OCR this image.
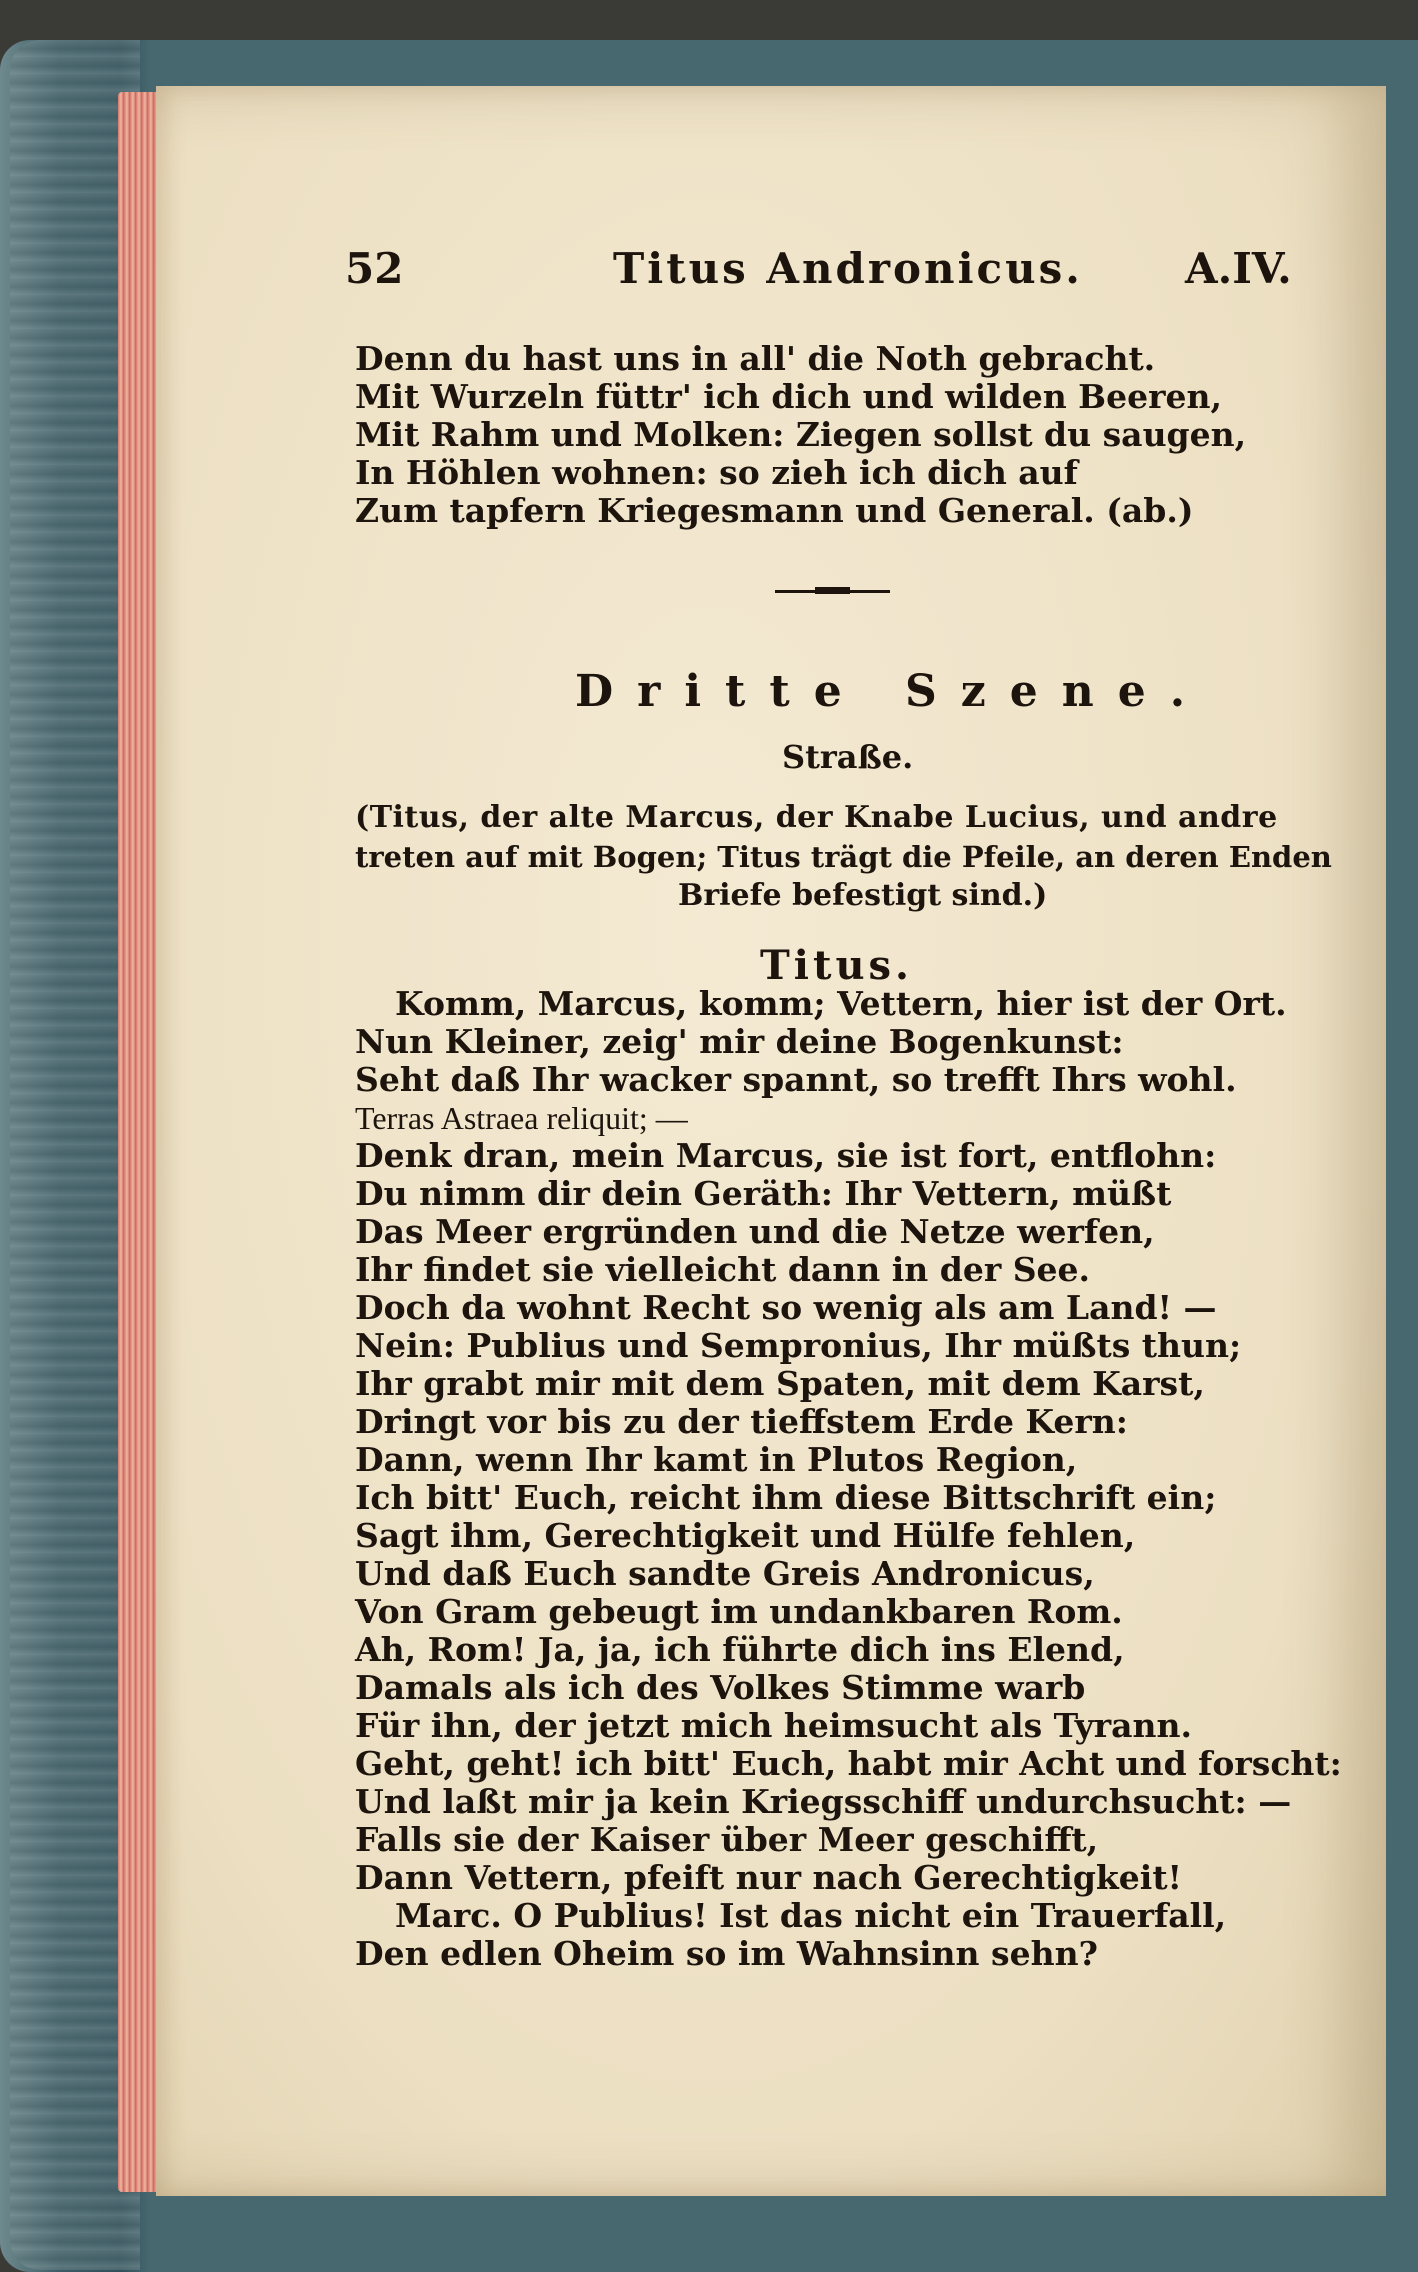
52	Titus Andronicus. A.IV.
Denn du hast uns in all' die Noth gebracht.
Mit Wurzeln füttr' ich dich und wilden Beeren,
Mit Rahm und Molken: Ziegen sollst du saugen,
In Höhlen wohnen: so zieh ich dich auf
Zum tapfern Kriegesmann und General. (ab.)
Dritte Szene.
Straße.
(Titus, der alte Marcus, der Knabe Lucius, und andre
treten auf mit Bogen; Titus trägt die Pfeile, an deren Enden
Briefe befestigt sind.)
Titus.
Komm, Marcus, komm; Vettern, hier ist der Ort.
Nun Kleiner, zeig' mir deine Bogenkunst:
Seht daß Ihr wacker spannt, so trefft Ihrs wohl.
Terras Astraea reliquit; —
Denk dran, mein Marcus, sie ist fort, entflohn:
Du nimm dir dein Geräth: Ihr Vettern, müßt
Das Meer ergründen und die Netze werfen,
Ihr findet sie vielleicht dann in der See.
Doch da wohnt Recht so wenig als am Land! —
Nein: Publius und Sempronius, Ihr müßts thun;
Ihr grabt mir mit dem Spaten, mit dem Karst,
Dringt vor bis zu der tieffstem Erde Kern:
Dann, wenn Ihr kamt in Plutos Region,
Ich bitt' Euch, reicht ihm diese Bittschrift ein;
Sagt ihm, Gerechtigkeit und Hülfe fehlen,
Und daß Euch sandte Greis Andronicus,
Von Gram gebeugt im undankbaren Rom.
Ah, Rom! Ja, ja, ich führte dich ins Elend,
Damals als ich des Volkes Stimme warb
Für ihn, der jetzt mich heimsucht als Tyrann.
Geht, geht! ich bitt' Euch, habt mir Acht und forscht:
Und laßt mir ja kein Kriegsschiff undurchsucht: —
Falls sie der Kaiser über Meer geschifft,
Dann Vettern, pfeift nur nach Gerechtigkeit!
Marc. O Publius! Ist das nicht ein Trauerfall,
Den edlen Oheim so im Wahnsinn sehn?
